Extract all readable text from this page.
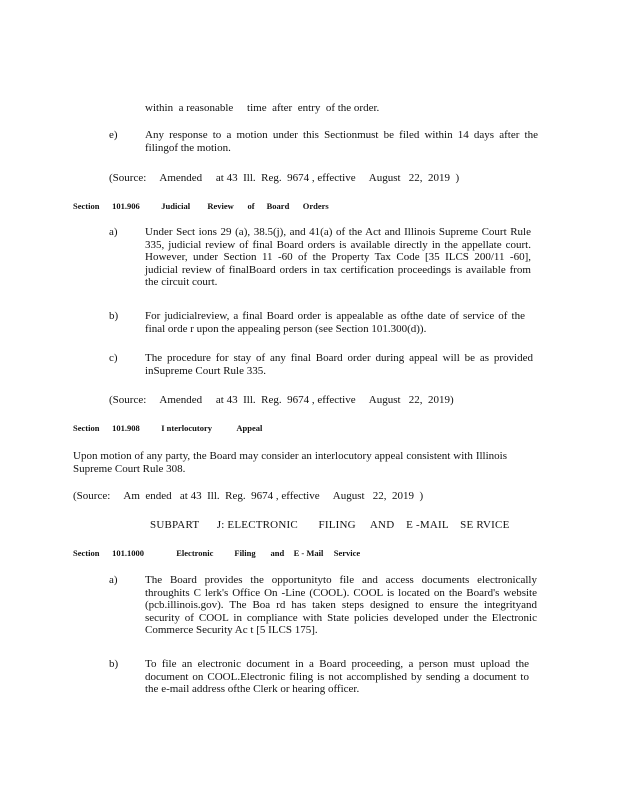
within  a reasonable     time  after  entry  of the order.
e) Any response to a motion under this Sectionmust be filed within 14 days after the filingof the motion.
(Source:     Amended     at 43  Ill.  Reg.  9674 , effective     August   22,  2019  )
Section 101.906	Judicial Review of Board Orders
a) Under Sect ions 29 (a), 38.5(j), and 41(a) of the Act and Illinois Supreme Court Rule 335, judicial review of final Board orders is available directly in the appellate court. However, under Section 11 -60 of the Property Tax Code [35 ILCS 200/11 -60], judicial review of finalBoard orders in tax certification proceedings is available from the circuit court.
b) For judicialreview, a final Board order is appealable as ofthe date of service of the final orde r upon the appealing person (see Section 101.300(d)).
c) The procedure for stay of any final Board order during appeal will be as provided inSupreme Court Rule 335.
(Source:     Amended     at 43  Ill.  Reg.  9674 , effective     August   22,  2019)
Section 101.908	I nterlocutory	Appeal
Upon motion of any party, the Board may consider an interlocutory appeal consistent with Illinois Supreme Court Rule 308.
(Source:     Am  ended   at 43  Ill.  Reg.  9674 , effective     August   22,  2019  )
SUBPART      J: ELECTRONIC       FILING     AND    E -MAIL    SE RVICE
Section 101.1000	Electronic Filing and E - Mail Service
a) The Board provides the opportunityto file and access documents electronically throughits C lerk's Office On -Line (COOL). COOL is located on the Board's website (pcb.illinois.gov). The Boa rd has taken steps designed to ensure the integrityand security of COOL in compliance with State policies developed under the Electronic Commerce Security Ac t [5 ILCS 175].
b) To file an electronic document in a Board proceeding, a person must upload the document on COOL.Electronic filing is not accomplished by sending a document to the e-mail address ofthe Clerk or hearing officer.
